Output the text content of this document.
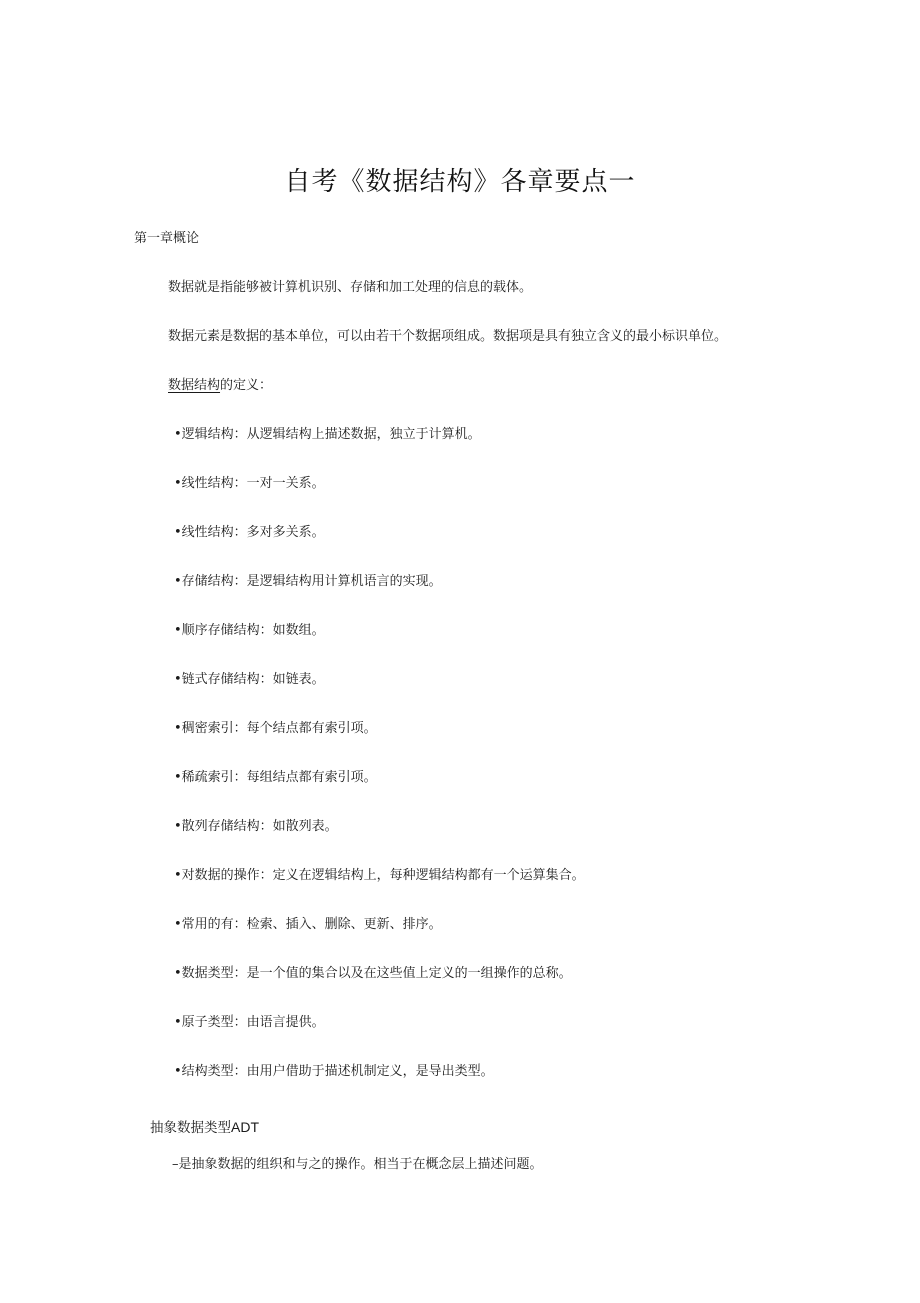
自考《数据结构》各章要点一
第一章概论
数据就是指能够被计算机识别、存储和加工处理的信息的载体。
数据元素是数据的基本单位，可以由若干个数据项组成。数据项是具有独立含义的最小标识单位。
数据结构的定义：
•逻辑结构：从逻辑结构上描述数据，独立于计算机。
•线性结构：一对一关系。
•线性结构：多对多关系。
•存储结构：是逻辑结构用计算机语言的实现。
•顺序存储结构：如数组。
•链式存储结构：如链表。
•稠密索引：每个结点都有索引项。
•稀疏索引：每组结点都有索引项。
•散列存储结构：如散列表。
•对数据的操作：定义在逻辑结构上，每种逻辑结构都有一个运算集合。
•常用的有：检索、插入、删除、更新、排序。
•数据类型：是一个值的集合以及在这些值上定义的一组操作的总称。
•原子类型：由语言提供。
•结构类型：由用户借助于描述机制定义，是导出类型。
抽象数据类型ADT
–是抽象数据的组织和与之的操作。相当于在概念层上描述问题。
